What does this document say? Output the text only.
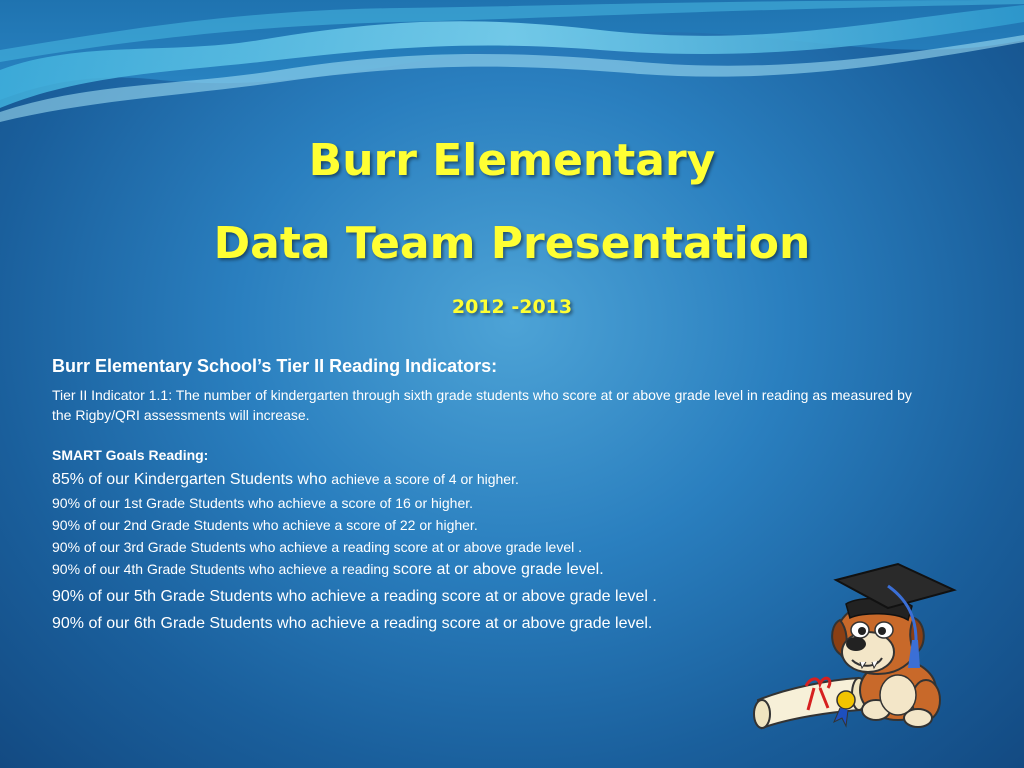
Burr Elementary
Data Team Presentation
2012 -2013
Burr Elementary School’s Tier II Reading Indicators:
Tier II Indicator 1.1: The number of kindergarten through sixth grade students who score at or above grade level in reading as measured by the Rigby/QRI assessments will increase.
SMART Goals Reading:
85% of our Kindergarten Students who achieve a score of 4 or higher.
90% of our 1st Grade Students who achieve a score of 16 or higher.
90% of our 2nd Grade Students who achieve a score of 22 or higher.
90% of our 3rd Grade Students who achieve a reading score at or above grade level .
90% of our 4th Grade Students who achieve a reading score at or above grade level.
90% of our 5th Grade Students who achieve a reading score at or above grade level .
90% of our 6th Grade Students who achieve a reading score at or above grade level.
